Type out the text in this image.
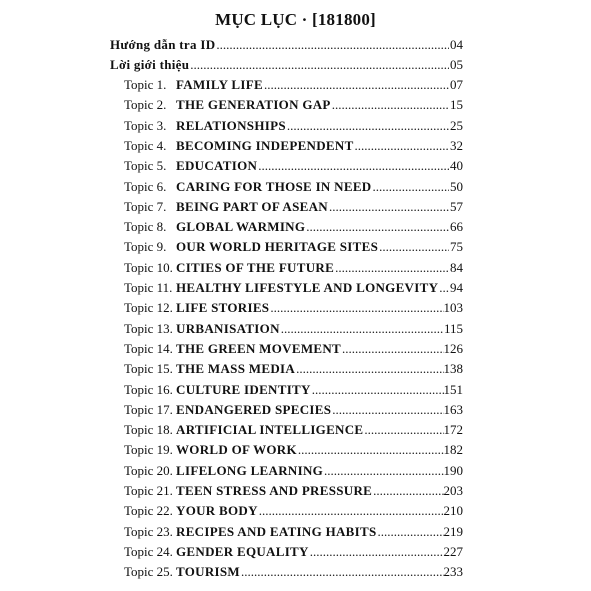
MỤC LỤC · [181800]
Hướng dẫn tra ID .....	04
Lời giới thiệu .....	05
Topic 1. FAMILY LIFE .....	07
Topic 2. THE GENERATION GAP .....	15
Topic 3. RELATIONSHIPS .....	25
Topic 4. BECOMING INDEPENDENT .....	32
Topic 5. EDUCATION .....	40
Topic 6. CARING FOR THOSE IN NEED .....	50
Topic 7. BEING PART OF ASEAN .....	57
Topic 8. GLOBAL WARMING .....	66
Topic 9. OUR WORLD HERITAGE SITES .....	75
Topic 10. CITIES OF THE FUTURE .....	84
Topic 11. HEALTHY LIFESTYLE AND LONGEVITY ..... 94
Topic 12. LIFE STORIES .....	103
Topic 13. URBANISATION .....	115
Topic 14. THE GREEN MOVEMENT .....	126
Topic 15. THE MASS MEDIA .....	138
Topic 16. CULTURE IDENTITY .....	151
Topic 17. ENDANGERED SPECIES .....	163
Topic 18. ARTIFICIAL INTELLIGENCE .....	172
Topic 19. WORLD OF WORK .....	182
Topic 20. LIFELONG LEARNING .....	190
Topic 21. TEEN STRESS AND PRESSURE .....	203
Topic 22. YOUR BODY .....	210
Topic 23. RECIPES AND EATING HABITS .....	219
Topic 24. GENDER EQUALITY .....	227
Topic 25. TOURISM .....	233
